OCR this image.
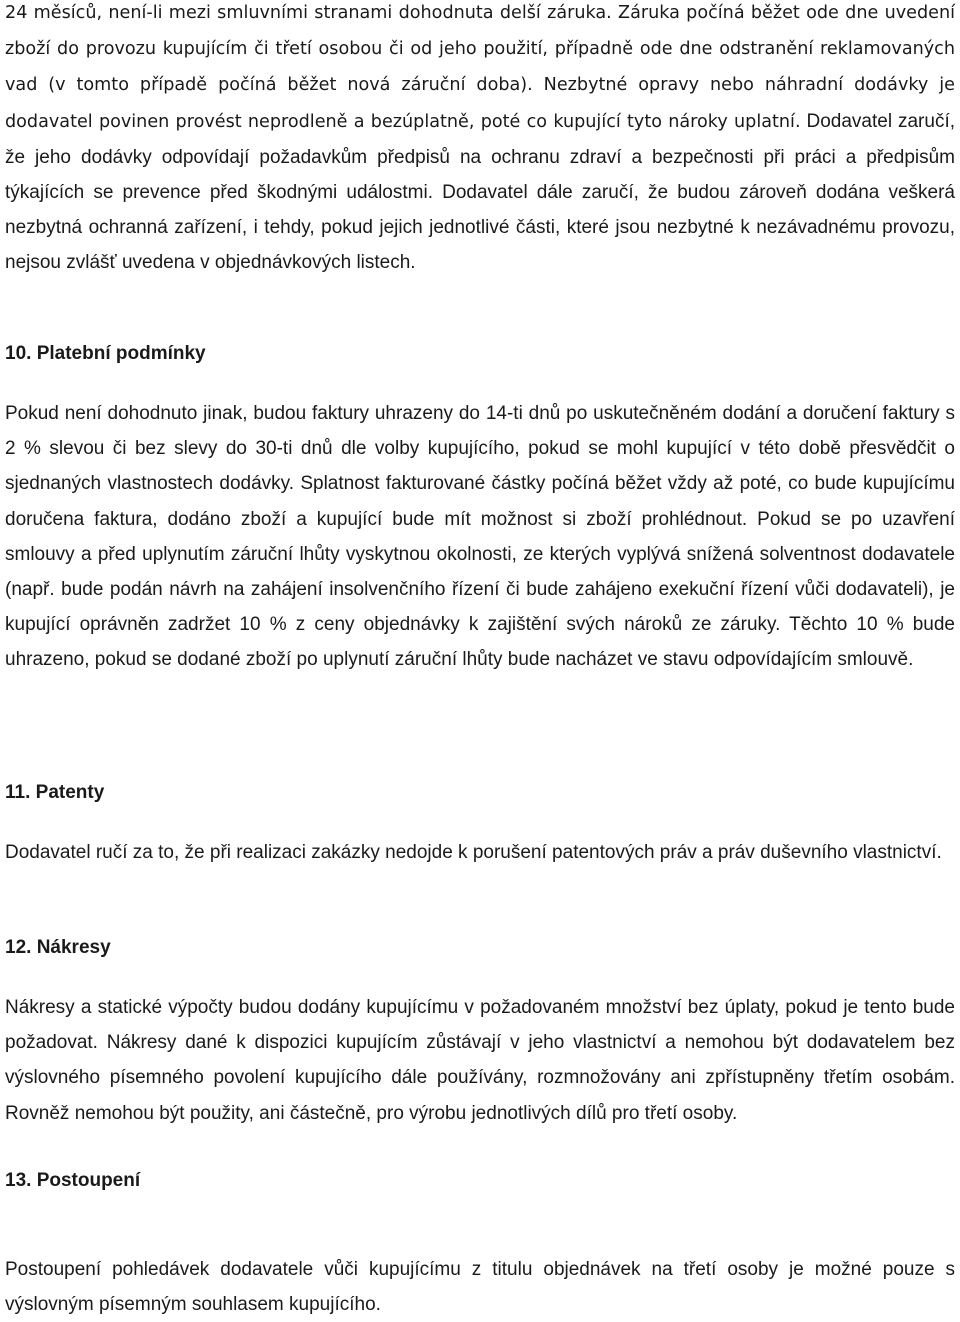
24 měsíců, není-li mezi smluvními stranami dohodnuta delší záruka. Záruka počíná běžet ode dne uvedení zboží do provozu kupujícím či třetí osobou či od jeho použití, případně ode dne odstranění reklamovaných vad (v tomto případě počíná běžet nová záruční doba). Nezbytné opravy nebo náhradní dodávky je dodavatel povinen provést neprodleně a bezúplatně, poté co kupující tyto nároky uplatní. Dodavatel zaručí, že jeho dodávky odpovídají požadavkům předpisů na ochranu zdraví a bezpečnosti při práci a předpisům týkajících se prevence před škodnými událostmi. Dodavatel dále zaručí, že budou zároveň dodána veškerá nezbytná ochranná zařízení, i tehdy, pokud jejich jednotlivé části, které jsou nezbytné k nezávadnému provozu, nejsou zvlášť uvedena v objednávkových listech.

10. Platební podmínky

Pokud není dohodnuto jinak, budou faktury uhrazeny do 14-ti dnů po uskutečněném dodání a doručení faktury s 2 % slevou či bez slevy do 30-ti dnů dle volby kupujícího, pokud se mohl kupující v této době přesvědčit o sjednaných vlastnostech dodávky. Splatnost fakturované částky počíná běžet vždy až poté, co bude kupujícímu doručena faktura, dodáno zboží a kupující bude mít možnost si zboží prohlédnout. Pokud se po uzavření smlouvy a před uplynutím záruční lhůty vyskytnou okolnosti, ze kterých vyplývá snížená solventnost dodavatele (např. bude podán návrh na zahájení insolvenčního řízení či bude zahájeno exekuční řízení vůči dodavateli), je kupující oprávněn zadržet 10 % z ceny objednávky k zajištění svých nároků ze záruky. Těchto 10 % bude uhrazeno, pokud se dodané zboží po uplynutí záruční lhůty bude nacházet ve stavu odpovídajícím smlouvě.

11. Patenty

Dodavatel ručí za to, že při realizaci zakázky nedojde k porušení patentových práv a práv duševního vlastnictví.

12. Nákresy

Nákresy a statické výpočty budou dodány kupujícímu v požadovaném množství bez úplaty, pokud je tento bude požadovat. Nákresy dané k dispozici kupujícím zůstávají v jeho vlastnictví a nemohou být dodavatelem bez výslovného písemného povolení kupujícího dále používány, rozmnožovány ani zpřístupněny třetím osobám. Rovněž nemohou být použity, ani částečně, pro výrobu jednotlivých dílů pro třetí osoby.

13. Postoupení

Postoupení pohledávek dodavatele vůči kupujícímu z titulu objednávek na třetí osoby je možné pouze s výslovným písemným souhlasem kupujícího.
